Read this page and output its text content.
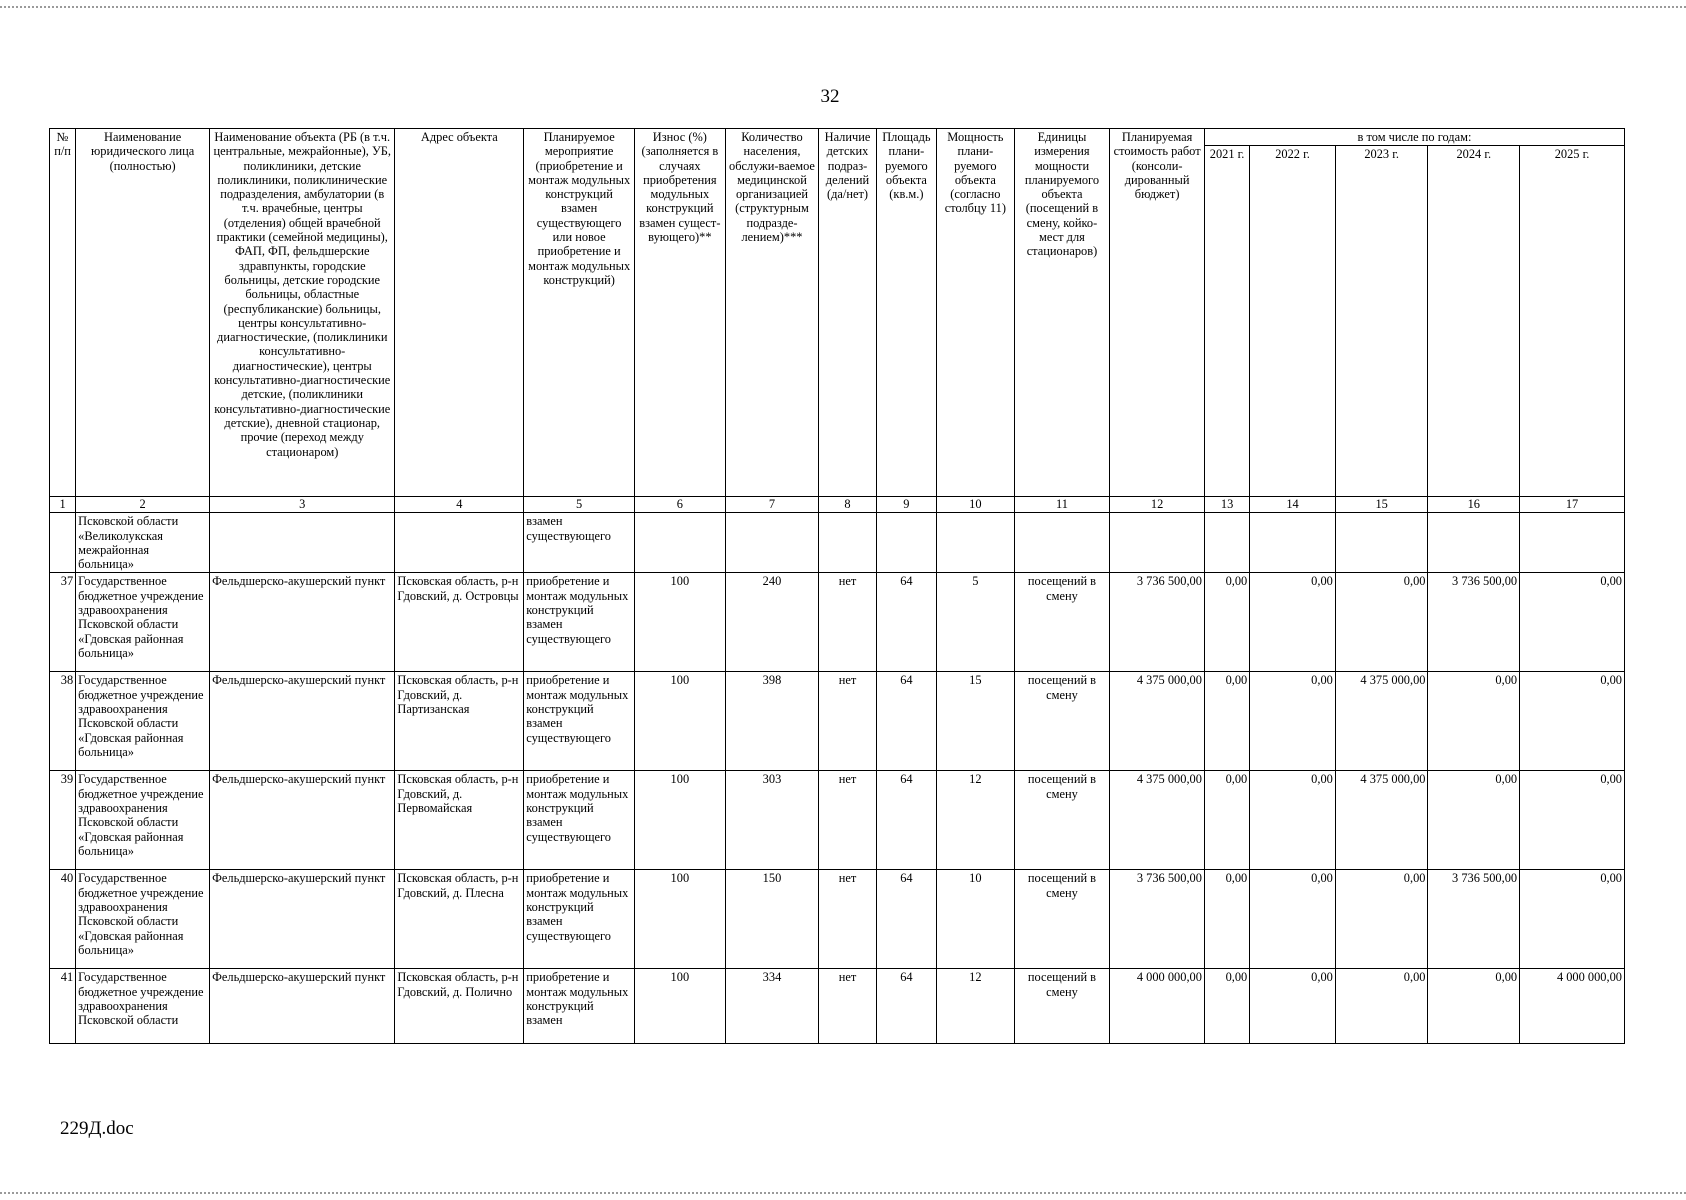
32
№ п/п	Наименование юридического лица (полностью)	Наименование объекта (РБ (в т.ч. центральные, межрайонные), УБ, поликлиники, детские поликлиники, поликлинические подразделения, амбулатории (в т.ч. врачебные, центры (отделения) общей врачебной практики (семейной медицины), ФАП, ФП, фельдшерские здравпункты, городские больницы, детские городские больницы, областные (республиканские) больницы, центры консультативно-диагностические, (поликлиники консультативно-диагностические), центры консультативно-диагностические детские, (поликлиники консультативно-диагностические детские), дневной стационар, прочие (переход между стационаром)	Адрес объекта	Планируемое мероприятие (приобретение и монтаж модульных конструкций взамен существующего или новое приобретение и монтаж модульных конструкций)	Износ (%) (заполняется в случаях приобретения модульных конструкций взамен сущест-вующего)**	Количество населения, обслужи-ваемое медицинской организацией (структурным подразде-лением)***	Наличие детских подраз-делений (да/нет)	Площадь плани-руемого объекта (кв.м.)	Мощность плани-руемого объекта (согласно столбцу 11)	Единицы измерения мощности планируемого объекта (посещений в смену, койко-мест для стационаров)	Планируемая стоимость работ (консоли-дированный бюджет)	в том числе по годам:				
												2021 г.	2022 г.	2023 г.	2024 г.	2025 г.
1	2	3	4	5	6	7	8	9	10	11	12	13	14	15	16	17
	Псковской области «Великолукская межрайонная больница»			взамен существующего												
37	Государственное бюджетное учреждение здравоохранения Псковской области «Гдовская районная больница»	Фельдшерско-акушерский пункт	Псковская область, р-н Гдовский, д. Островцы	приобретение и монтаж модульных конструкций взамен существующего	100	240	нет	64	5	посещений в смену	3 736 500,00	0,00	0,00	0,00	3 736 500,00	0,00
38	Государственное бюджетное учреждение здравоохранения Псковской области «Гдовская районная больница»	Фельдшерско-акушерский пункт	Псковская область, р-н Гдовский, д. Партизанская	приобретение и монтаж модульных конструкций взамен существующего	100	398	нет	64	15	посещений в смену	4 375 000,00	0,00	0,00	4 375 000,00	0,00	0,00
39	Государственное бюджетное учреждение здравоохранения Псковской области «Гдовская районная больница»	Фельдшерско-акушерский пункт	Псковская область, р-н Гдовский, д. Первомайская	приобретение и монтаж модульных конструкций взамен существующего	100	303	нет	64	12	посещений в смену	4 375 000,00	0,00	0,00	4 375 000,00	0,00	0,00
40	Государственное бюджетное учреждение здравоохранения Псковской области «Гдовская районная больница»	Фельдшерско-акушерский пункт	Псковская область, р-н Гдовский, д. Плесна	приобретение и монтаж модульных конструкций взамен существующего	100	150	нет	64	10	посещений в смену	3 736 500,00	0,00	0,00	0,00	3 736 500,00	0,00
41	Государственное бюджетное учреждение здравоохранения Псковской области	Фельдшерско-акушерский пункт	Псковская область, р-н Гдовский, д. Полично	приобретение и монтаж модульных конструкций взамен	100	334	нет	64	12	посещений в смену	4 000 000,00	0,00	0,00	0,00	0,00	4 000 000,00
229Д.doc
